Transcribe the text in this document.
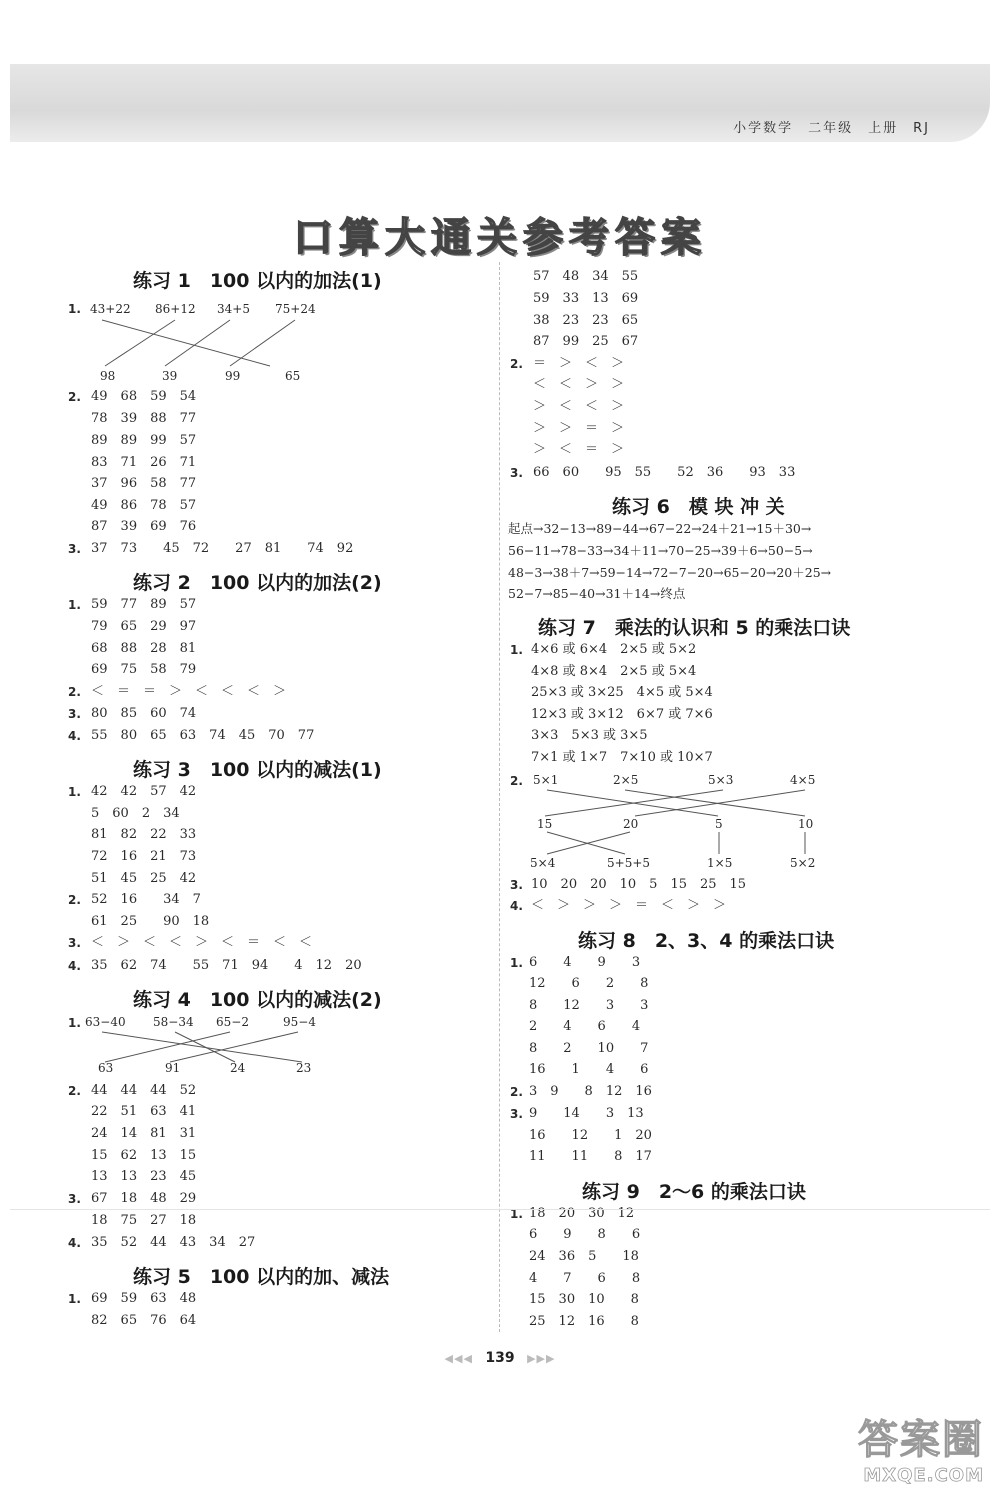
小学数学　二年级　上册　RJ
口算大通关参考答案
练习 1　100 以内的加法(1)
1. 43+22 86+12 34+5 75+24
98	39	99	65
2. 49　68　59　54
78　39　88　77
89　89　99　57
83　71　26　71
37　96　58　77
49　86　78　57
87　39　69　76
3. 37　73　　45　72　　27　81　　74　92
练习 2　100 以内的加法(2)
1. 59　77　89　57
79　65　29　97
68　88　28　81
69　75　58　79
2. ＜　＝　＝　＞　＜　＜　＜　＞
3. 80　85　60　74
4. 55　80　65　63　74　45　70　77
练习 3　100 以内的减法(1)
1. 42　42　57　42
5　60　2　34
81　82　22　33
72　16　21　73
51　45　25　42
2. 52　16　　34　7
61　25　　90　18
3. ＜　＞　＜　＜　＞　＜　＝　＜　＜
4. 35　62　74　　55　71　94　　4　12　20
练习 4　100 以内的减法(2)
1. 63−40 58−34 65−2	95−4
63	91	24	23
2. 44　44　44　52
22　51　63　41
24　14　81　31
15　62　13　15
13　13　23　45
3. 67　18　48　29
18　75　27　18
4. 35　52　44　43　34　27
练习 5　100 以内的加、减法
1. 69　59　63　48
82　65　76　64
57　48　34　55
59　33　13　69
38　23　23　65
87　99　25　67
2. ＝　＞　＜　＞
＜　＜　＞　＞
＞　＜　＜　＞
＞　＞　＝　＞
＞　＜　＝　＞
3. 66　60　　95　55　　52　36　　93　33
练习 6　模 块 冲 关
起点→32−13→89−44→67−22→24＋21→15＋30→
56−11→78−33→34＋11→70−25→39＋6→50−5→
48−3→38＋7→59−14→72−7−20→65−20→20＋25→
52−7→85−40→31＋14→终点
练习 7　乘法的认识和 5 的乘法口诀
1. 4×6 或 6×4　2×5 或 5×2
4×8 或 8×4　2×5 或 5×4
25×3 或 3×25　4×5 或 5×4
12×3 或 3×12　6×7 或 7×6
3×3　5×3 或 3×5
7×1 或 1×7　7×10 或 10×7
2. 5×1	2×5	5×3	4×5
15	20	5	10
5×4	5+5+5	1×5	5×2
3. 10　20　20　10　5　15　25　15
4. ＜　＞　＞　＞　＝　＜　＞　＞
练习 8　2、3、4 的乘法口诀
1. 6　　4　　9　　3
12　　6　　2　　8
8　　12　　3　　3
2　　4　　6　　4
8　　2　　10　　7
16　　1　　4　　6
2. 3　9　　8　12　16
3. 9　　14　　3　13
16　　12　　1　20
11　　11　　8　17
练习 9　2～6 的乘法口诀
1. 18　20　30　12
6　　9　　8　　6
24　36　5　　18
4　　7　　6　　8
15　30　10　　8
25　12　16　　8
◀◀◀ 139 ▶▶▶
答案圈
MXQE.COM
